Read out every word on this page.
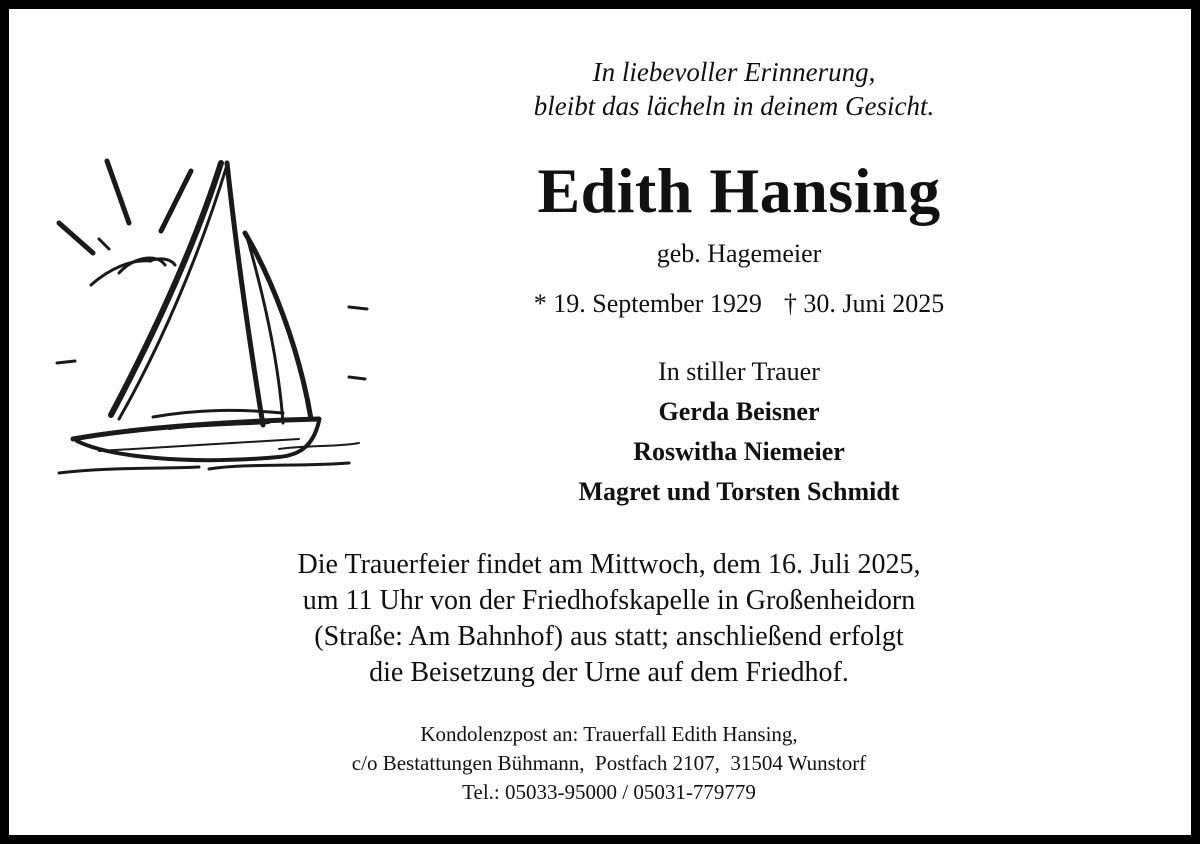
In liebevoller Erinnerung,
bleibt das lächeln in deinem Gesicht.
Edith Hansing
geb. Hagemeier
* 19. September 1929 † 30. Juni 2025
In stiller Trauer
Gerda Beisner
Roswitha Niemeier
Magret und Torsten Schmidt
Die Trauerfeier findet am Mittwoch, dem 16. Juli 2025,
um 11 Uhr von der Friedhofskapelle in Großenheidorn
(Straße: Am Bahnhof) aus statt; anschließend erfolgt
die Beisetzung der Urne auf dem Friedhof.
Kondolenzpost an: Trauerfall Edith Hansing,
c/o Bestattungen Bühmann,  Postfach 2107,  31504 Wunstorf
Tel.: 05033-95000 / 05031-779779
